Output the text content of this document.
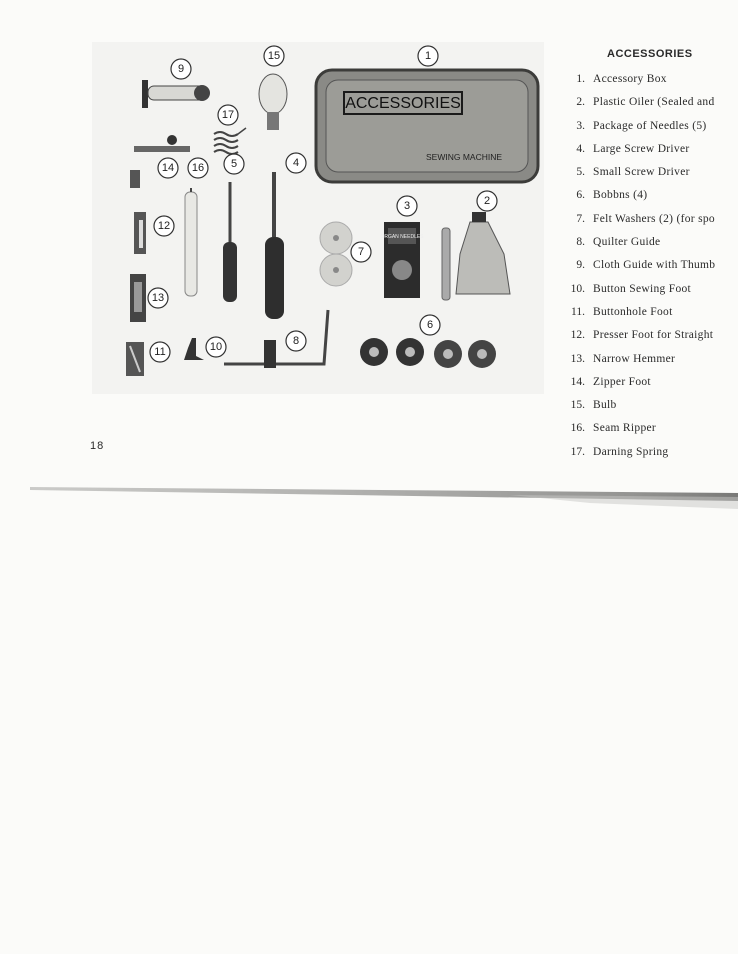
ACCESSORIES
SEWING MACHINE
ORGAN NEEDLES
1
2
3
4
5
6
7
8
9
10
11
12
13
14
15
16
17
ACCESSORIES
1. Accessory Box
2. Plastic Oiler (Sealed and
3. Package of Needles (5)
4. Large Screw Driver
5. Small Screw Driver
6. Bobbns (4)
7. Felt Washers (2) (for spo
8. Quilter Guide
9. Cloth Guide with Thumb
10. Button Sewing Foot
11. Buttonhole Foot
12. Presser Foot for Straight
13. Narrow Hemmer
14. Zipper Foot
15. Bulb
16. Seam Ripper
17. Darning Spring
18
